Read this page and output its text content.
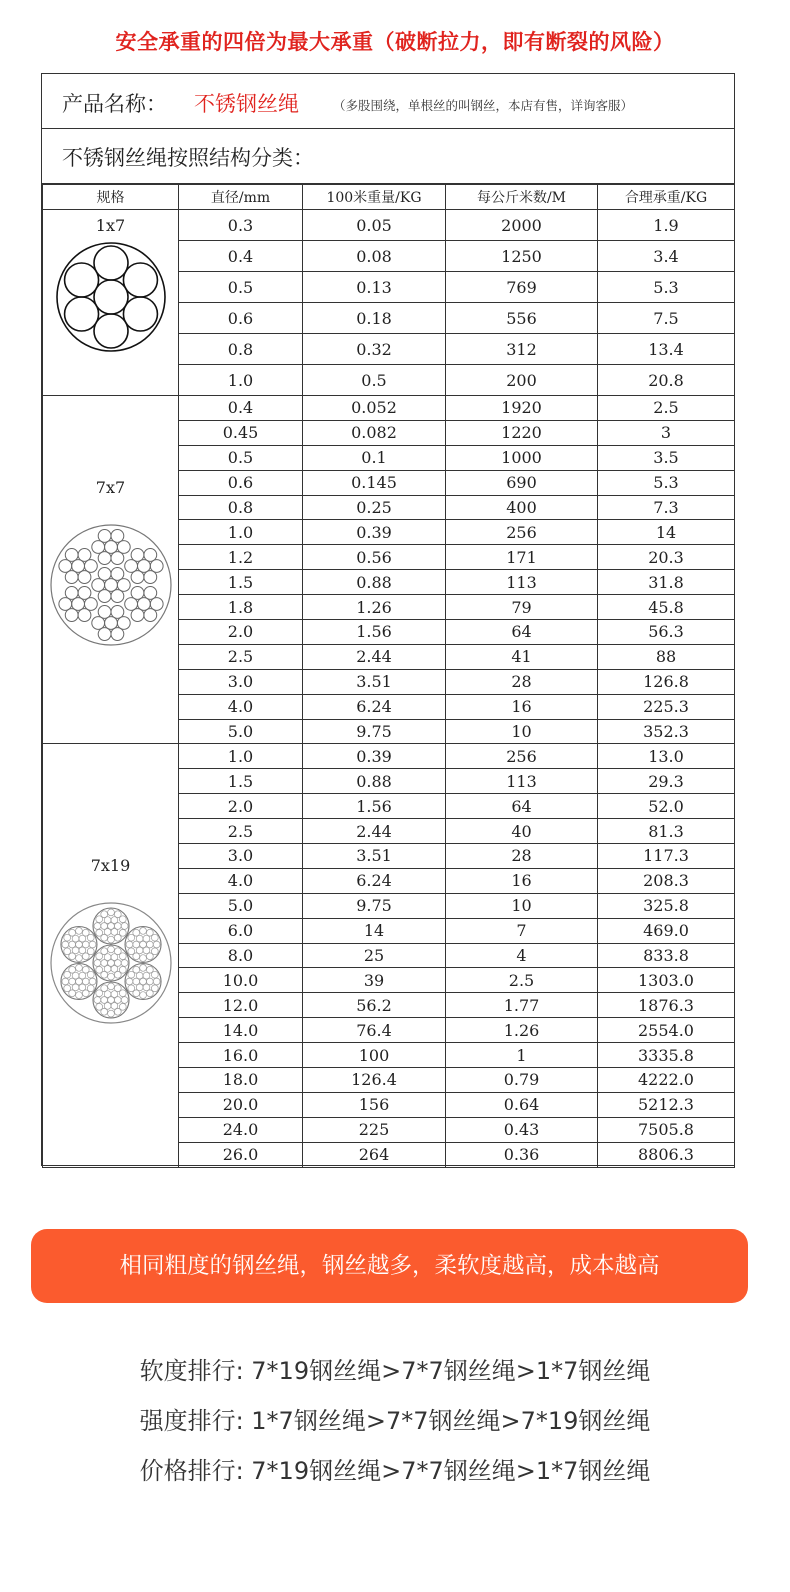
安全承重的四倍为最大承重（破断拉力，即有断裂的风险）
产品名称： 不锈钢丝绳	（多股围绕，单根丝的叫钢丝，本店有售，详询客服）
不锈钢丝绳按照结构分类：
规格	直径/mm	100米重量/KG	每公斤米数/M	合理承重/KG

1x7	0.3	0.05	2000	1.9
	0.4	0.08	1250	3.4
	0.5	0.13	769	5.3
	0.6	0.18	556	7.5
	0.8	0.32	312	13.4
	1.0	0.5	200	20.8

7x7	0.4	0.052	1920	2.5
	0.45	0.082	1220	3
	0.5	0.1	1000	3.5
	0.6	0.145	690	5.3
	0.8	0.25	400	7.3
	1.0	0.39	256	14
	1.2	0.56	171	20.3
	1.5	0.88	113	31.8
	1.8	1.26	79	45.8
	2.0	1.56	64	56.3
	2.5	2.44	41	88
	3.0	3.51	28	126.8
	4.0	6.24	16	225.3
	5.0	9.75	10	352.3

7x19	1.0	0.39	256	13.0
	1.5	0.88	113	29.3
	2.0	1.56	64	52.0
	2.5	2.44	40	81.3
	3.0	3.51	28	117.3
	4.0	6.24	16	208.3
	5.0	9.75	10	325.8
	6.0	14	7	469.0
	8.0	25	4	833.8
	10.0	39	2.5	1303.0
	12.0	56.2	1.77	1876.3
	14.0	76.4	1.26	2554.0
	16.0	100	1	3335.8
	18.0	126.4	0.79	4222.0
	20.0	156	0.64	5212.3
	24.0	225	0.43	7505.8
	26.0	264	0.36	8806.3
相同粗度的钢丝绳，钢丝越多，柔软度越高，成本越高
软度排行: 7*19钢丝绳>7*7钢丝绳>1*7钢丝绳
强度排行: 1*7钢丝绳>7*7钢丝绳>7*19钢丝绳
价格排行: 7*19钢丝绳>7*7钢丝绳>1*7钢丝绳
